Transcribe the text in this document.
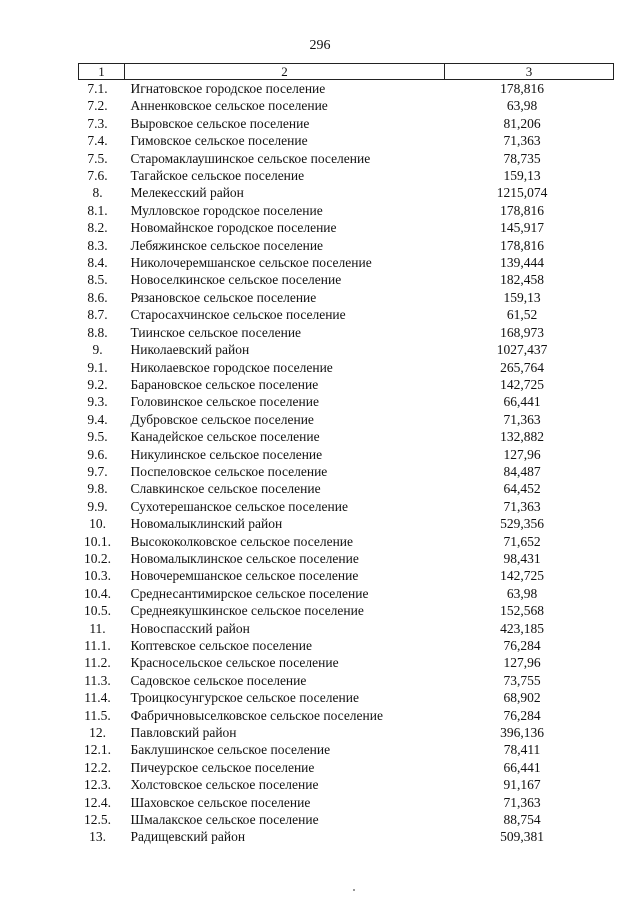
296
1	2	3
7.1.	Игнатовское городское поселение	178,816
7.2.	Анненковское сельское поселение	63,98
7.3.	Выровское сельское поселение	81,206
7.4.	Гимовское сельское поселение	71,363
7.5.	Старомаклаушинское сельское поселение	78,735
7.6.	Тагайское сельское поселение	159,13
8.	Мелекесский район	1215,074
8.1.	Мулловское городское поселение	178,816
8.2.	Новомайнское городское поселение	145,917
8.3.	Лебяжинское сельское поселение	178,816
8.4.	Николочеремшанское сельское поселение	139,444
8.5.	Новоселкинское сельское поселение	182,458
8.6.	Рязановское сельское поселение	159,13
8.7.	Старосахчинское сельское поселение	61,52
8.8.	Тиинское сельское поселение	168,973
9.	Николаевский район	1027,437
9.1.	Николаевское городское поселение	265,764
9.2.	Барановское сельское поселение	142,725
9.3.	Головинское сельское поселение	66,441
9.4.	Дубровское сельское поселение	71,363
9.5.	Канадейское сельское поселение	132,882
9.6.	Никулинское сельское поселение	127,96
9.7.	Поспеловское сельское поселение	84,487
9.8.	Славкинское сельское поселение	64,452
9.9.	Сухотерешанское сельское поселение	71,363
10.	Новомалыклинский район	529,356
10.1.	Высококолковское сельское поселение	71,652
10.2.	Новомалыклинское сельское поселение	98,431
10.3.	Новочеремшанское сельское поселение	142,725
10.4.	Среднесантимирское сельское поселение	63,98
10.5.	Среднеякушкинское сельское поселение	152,568
11.	Новоспасский район	423,185
11.1.	Коптевское сельское поселение	76,284
11.2.	Красносельское сельское поселение	127,96
11.3.	Садовское сельское поселение	73,755
11.4.	Троицкосунгурское сельское поселение	68,902
11.5.	Фабричновыселковское сельское поселение	76,284
12.	Павловский район	396,136
12.1.	Баклушинское сельское поселение	78,411
12.2.	Пичеурское сельское поселение	66,441
12.3.	Холстовское сельское поселение	91,167
12.4.	Шаховское сельское поселение	71,363
12.5.	Шмалакское сельское поселение	88,754
13.	Радищевский район	509,381
